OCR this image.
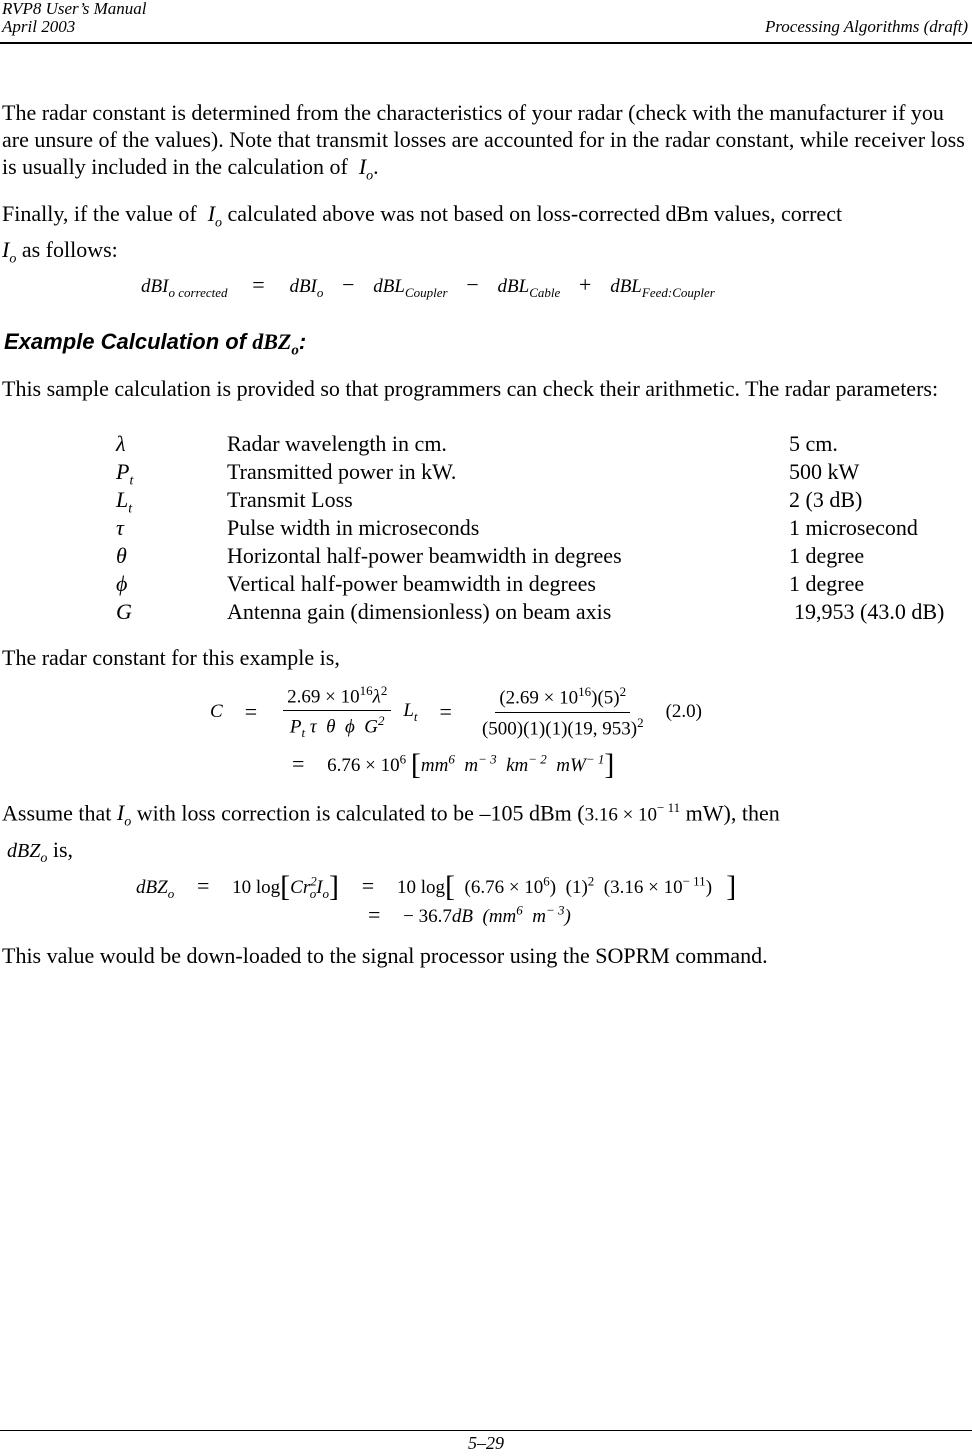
RVP8 User’s Manual
April 2003	Processing Algorithms (draft)

The radar constant is determined from the characteristics of your radar (check with the manufacturer if you are unsure of the values). Note that transmit losses are accounted for in the radar constant, while receiver loss is usually included in the calculation of $I_o$.

Finally, if the value of $I_o$ calculated above was not based on loss-corrected dBm values, correct
$I_o$ as follows:

dBI$_{o corrected}$ = dBI$_o$ − dBL$_{Coupler}$ − dBL$_{Cable}$ + dBL$_{Feed:Coupler}$
Example Calculation of dBZ$_o$:

This sample calculation is provided so that programmers can check their arithmetic. The radar parameters:

λ	Radar wavelength in cm.	5 cm.
$P_t$	Transmitted power in kW.	500 kW
$L_t$	Transmit Loss	2 (3 dB)
τ	Pulse width in microseconds	1 microsecond
θ	Horizontal half-power beamwidth in degrees	1 degree
ϕ	Vertical half-power beamwidth in degrees	1 degree
G	Antenna gain (dimensionless) on beam axis	19,953 (43.0 dB)

The radar constant for this example is,

$C = \frac{2.69 \times 10^{16}\lambda^2}{P_t \tau \theta \phi G^2} L_t = \frac{(2.69 \times 10^{16})(5)^2}{(500)(1)(1)(19, 953)^2} (2.0)$
= $6.76 \times 10^6$ [$mm^6$ $m^{- 3}$ $km^{- 2}$ $mW^{- 1}$]

Assume that $I_o$ with loss correction is calculated to be –105 dBm ($3.16 \times 10^{- 11}$ mW), then
dBZ$_o$ is,

dBZ$_o$ = 10 $\log[Cr^2_oI_o] = 10$ log[ $(6.76 \times 10^6)$ $(1)^2$ $(3.16 \times 10^{- 11})$ ]
= − 36.7dB ($mm^6$ $m^{- 3}$)

This value would be down-loaded to the signal processor using the SOPRM command.

5–29
